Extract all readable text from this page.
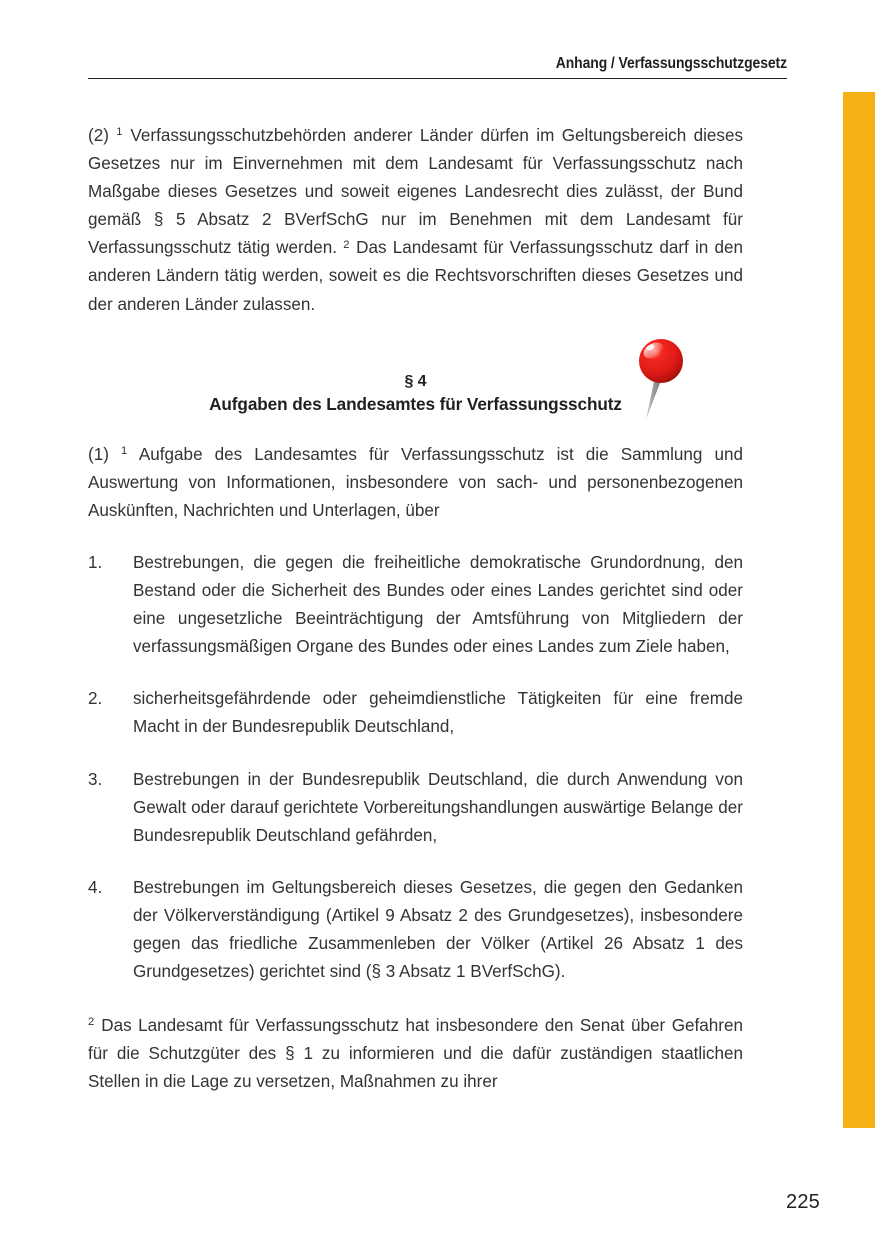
Anhang / Verfassungsschutzgesetz

(2) $^1$ Verfassungsschutzbehörden anderer Länder dürfen im Geltungsbereich dieses Gesetzes nur im Einvernehmen mit dem Landesamt für Verfassungsschutz nach Maßgabe dieses Gesetzes und soweit eigenes Landesrecht dies zulässt, der Bund gemäß § 5 Absatz 2 BVerfSchG nur im Benehmen mit dem Landesamt für Verfassungsschutz tätig werden. $^2$ Das Landesamt für Verfassungsschutz darf in den anderen Ländern tätig werden, soweit es die Rechtsvorschriften dieses Gesetzes und der anderen Länder zulassen.

§ 4
Aufgaben des Landesamtes für Verfassungsschutz

(1) $^1$ Aufgabe des Landesamtes für Verfassungsschutz ist die Sammlung und Auswertung von Informationen, insbesondere von sach- und personenbezogenen Auskünften, Nachrichten und Unterlagen, über

1.	Bestrebungen, die gegen die freiheitliche demokratische Grundordnung, den Bestand oder die Sicherheit des Bundes oder eines Landes gerichtet sind oder eine ungesetzliche Beeinträchtigung der Amtsführung von Mitgliedern der verfassungsmäßigen Organe des Bundes oder eines Landes zum Ziele haben,
2.	sicherheitsgefährdende oder geheimdienstliche Tätigkeiten für eine fremde Macht in der Bundesrepublik Deutschland,
3.	Bestrebungen in der Bundesrepublik Deutschland, die durch Anwendung von Gewalt oder darauf gerichtete Vorbereitungshandlungen auswärtige Belange der Bundesrepublik Deutschland gefährden,
4.	Bestrebungen im Geltungsbereich dieses Gesetzes, die gegen den Gedanken der Völkerverständigung (Artikel 9 Absatz 2 des Grundgesetzes), insbesondere gegen das friedliche Zusammenleben der Völker (Artikel 26 Absatz 1 des Grundgesetzes) gerichtet sind (§ 3 Absatz 1 BVerfSchG).

$^2$ Das Landesamt für Verfassungsschutz hat insbesondere den Senat über Gefahren für die Schutzgüter des § 1 zu informieren und die dafür zuständigen staatlichen Stellen in die Lage zu versetzen, Maßnahmen zu ihrer

225
